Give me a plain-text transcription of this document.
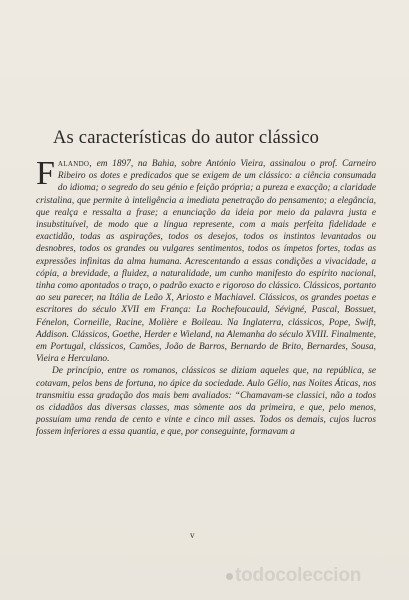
As características do autor clássico

Falando, em 1897, na Bahia, sobre António Vieira, assinalou o prof. Carneiro Ribeiro os dotes e predicados que se exigem de um clássico: a ciência consumada do idioma; o segredo do seu génio e feição própria; a pureza e exacção; a claridade cristalina, que permite à inteligência a imediata penetração do pensamento; a elegância, que realça e ressalta a frase; a enunciação da ideia por meio da palavra justa e insubstituível, de modo que a língua represente, com a mais perfeita fidelidade e exactidão, todas as aspirações, todos os desejos, todos os instintos levantados ou desnobres, todos os grandes ou vulgares sentimentos, todos os ímpetos fortes, todas as expressões infinitas da alma humana. Acrescentando a essas condições a vivacidade, a cópia, a brevidade, a fluidez, a naturalidade, um cunho manifesto do espírito nacional, tinha como apontados o traço, o padrão exacto e rigoroso do clássico. Clássicos, portanto ao seu parecer, na Itália de Leão X, Ariosto e Machiavel. Clássicos, os grandes poetas e escritores do século XVII em França: La Rochefoucauld, Sévigné, Pascal, Bossuet, Fénelon, Corneille, Racine, Molière e Boileau. Na Inglaterra, clássicos, Pope, Swift, Addison. Clássicos, Goethe, Herder e Wieland, na Alemanha do século XVIII. Finalmente, em Portugal, clássicos, Camões, João de Barros, Bernardo de Brito, Bernardes, Sousa, Vieira e Herculano.

De princípio, entre os romanos, clássicos se diziam aqueles que, na república, se cotavam, pelos bens de fortuna, no ápice da sociedade. Aulo Gélio, nas Noites Áticas, nos transmitiu essa gradação dos mais bem avaliados: “Chamavam-se classici, não a todos os cidadãos das diversas classes, mas sòmente aos da primeira, e que, pelo menos, possuíam uma renda de cento e vinte e cinco mil asses. Todos os demais, cujos lucros fossem inferiores a essa quantia, e que, por conseguinte, formavam a

v
todocoleccion
